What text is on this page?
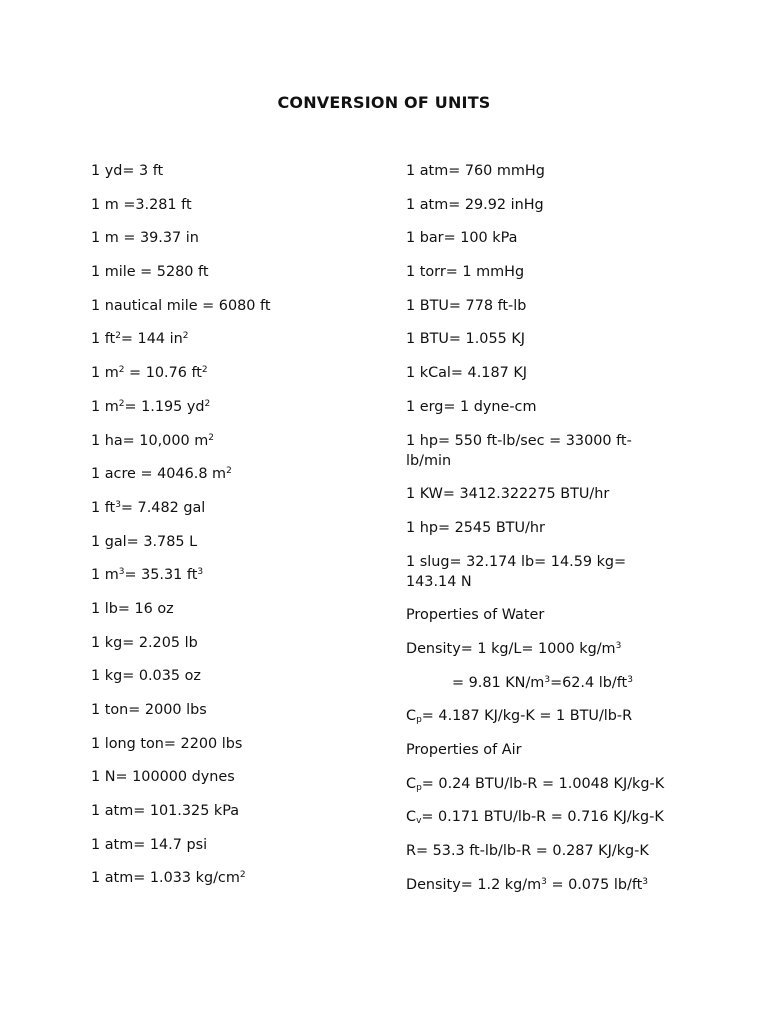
CONVERSION OF UNITS
1 yd= 3 ft
1 m =3.281 ft
1 m = 39.37 in
1 mile = 5280 ft
1 nautical mile = 6080 ft
1 $ft^2= 144$ $in^2$
1 $m^2 = 10.76$ $ft^2$
1 $m^2= 1.195$ $yd^2$
1 ha= 10,000 $m^2$
1 acre = 4046.8 $m^2$
1 $ft^3= 7.482$ gal
1 gal= 3.785 L
1 $m^3= 35.31$ $ft^3$
1 lb= 16 oz
1 kg= 2.205 lb
1 kg= 0.035 oz
1 ton= 2000 lbs
1 long ton= 2200 lbs
1 N= 100000 dynes
1 atm= 101.325 kPa
1 atm= 14.7 psi
1 atm= 1.033 $kg/cm^2$
1 atm= 760 mmHg
1 atm= 29.92 inHg
1 bar= 100 kPa
1 torr= 1 mmHg
1 BTU= 778 ft-lb
1 BTU= 1.055 KJ
1 kCal= 4.187 KJ
1 erg= 1 dyne-cm
1 hp= 550 ft-lb/sec = 33000 ft-lb/min
1 KW= 3412.322275 BTU/hr
1 hp= 2545 BTU/hr
1 slug= 32.174 lb= 14.59 kg= 143.14 N
Properties of Water
Density= 1 kg/L= 1000 $kg/m^3$
= 9.81 $KN/m^3=62.4$ $lb/ft^3$
$C_p= 4.187$ KJ/kg-K = 1 BTU/lb-R
Properties of Air
$C_p= 0.24$ BTU/lb-R = 1.0048 KJ/kg-K
$C_v= 0.171$ BTU/lb-R = 0.716 KJ/kg-K
R= 53.3 ft-lb/lb-R = 0.287 KJ/kg-K
Density= 1.2 $kg/m^3 = 0.075$ $lb/ft^3$
